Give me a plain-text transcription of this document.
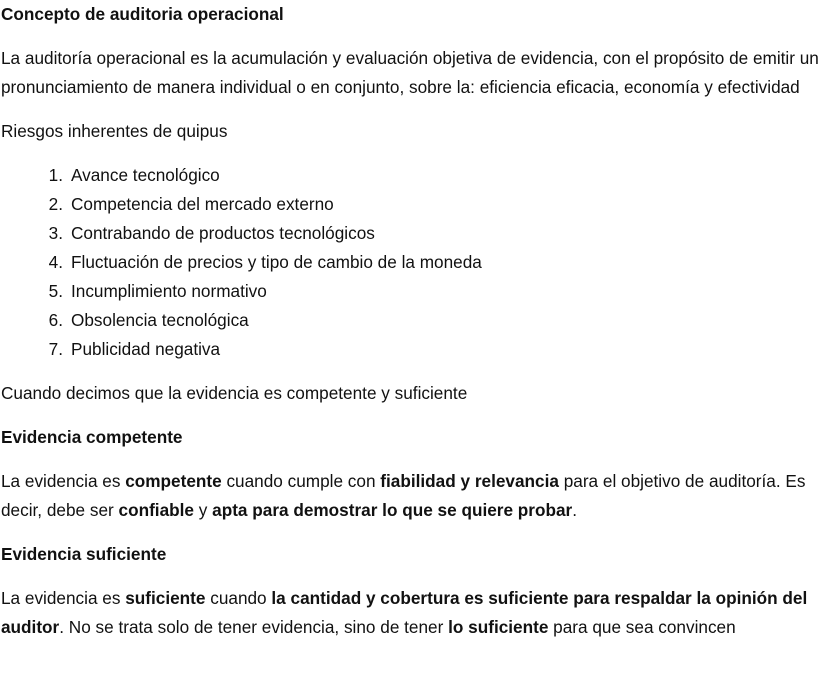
Concepto de auditoria operacional

La auditoría operacional es la acumulación y evaluación objetiva de evidencia, con el propósito de emitir un pronunciamiento de manera individual o en conjunto, sobre la: eficiencia eficacia, economía y efectividad

Riesgos inherentes de quipus

1. Avance tecnológico
2. Competencia del mercado externo
3. Contrabando de productos tecnológicos
4. Fluctuación de precios y tipo de cambio de la moneda
5. Incumplimiento normativo
6. Obsolencia tecnológica
7. Publicidad negativa

Cuando decimos que la evidencia es competente y suficiente

Evidencia competente

La evidencia es competente cuando cumple con fiabilidad y relevancia para el objetivo de auditoría. Es decir, debe ser confiable y apta para demostrar lo que se quiere probar.

Evidencia suficiente

La evidencia es suficiente cuando la cantidad y cobertura es suficiente para respaldar la opinión del auditor. No se trata solo de tener evidencia, sino de tener lo suficiente para que sea convincen
